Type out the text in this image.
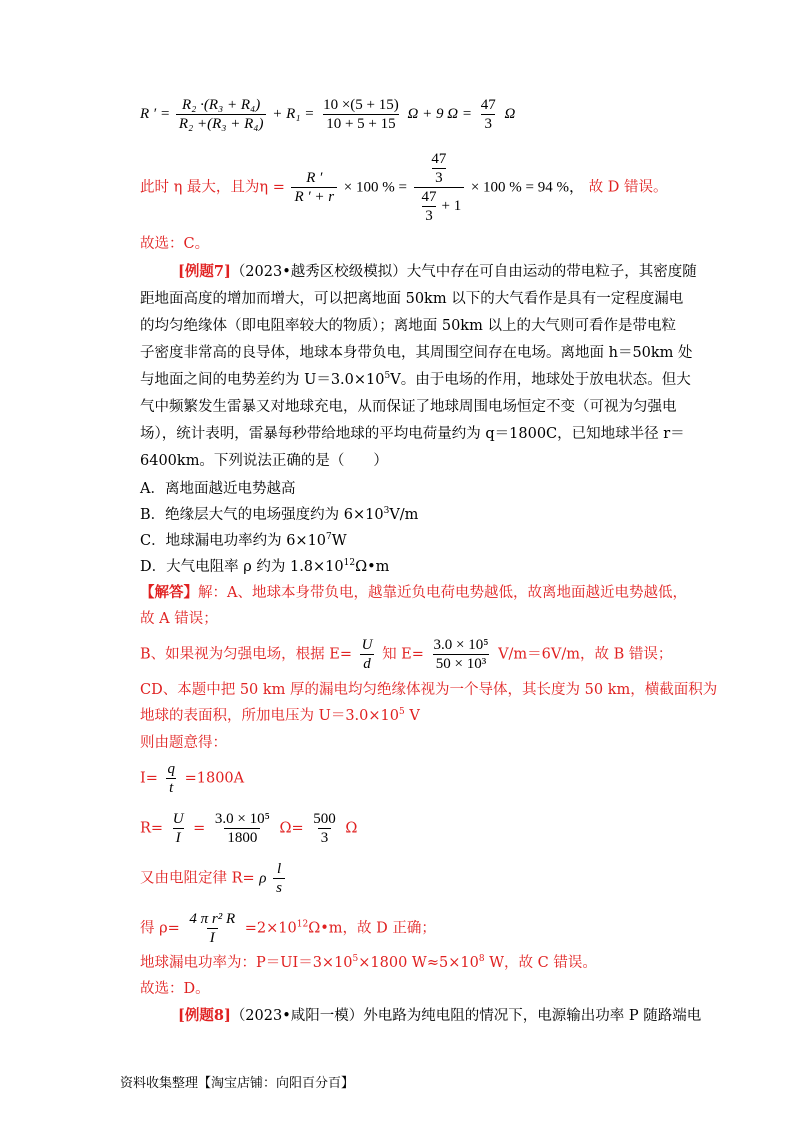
R ′ = $\frac{\text{R₂ ·(R₃ + R₄)}}{\text{R₂ +(R₃ + R₄)}} + R_1 = \frac{10 \times(5 + 15)}{10 + 5 + 15}$ Ω + 9 $\Omega = \frac{47}{3}$ Ω
此时 η 最大，且为$\eta = \frac{R '}{R ' + r} \times 100$ % = $\frac{\frac{47}{3}}{\frac{47}{3} + 1} \times 100$ % = 94 %， 故 D 错误。
故选：C。
[例题7]（2023•越秀区校级模拟）大气中存在可自由运动的带电粒子，其密度随
距地面高度的增加而增大，可以把离地面 50km 以下的大气看作是具有一定程度漏电
的均匀绝缘体（即电阻率较大的物质）；离地面 50km 以上的大气则可看作是带电粒
子密度非常高的良导体，地球本身带负电，其周围空间存在电场。离地面 h＝50km 处
与地面之间的电势差约为 $U=3.0\times 10^5V$。由于电场的作用，地球处于放电状态。但大
气中频繁发生雷暴又对地球充电，从而保证了地球周围电场恒定不变（可视为匀强电
场），统计表明，雷暴每秒带给地球的平均电荷量约为 q＝1800C，已知地球半径 r＝
6400km。下列说法正确的是（　　）
A．离地面越近电势越高
B．绝缘层大气的电场强度约为 $6\times 10^3V/m$
C．地球漏电功率约为 $6\times 10^7W$
D．大气电阻率 ρ 约为 $1.8\times 10^{12}\Omega•m$
【解答】解：A、地球本身带负电，越靠近负电荷电势越低，故离地面越近电势越低，
故 A 错误；
B、如果视为匀强电场，根据 $E= \frac{U}{d}$ 知 $E= \frac{\text{3.0 × 10⁵}}{\text{50 × 10³}} V/m=6V/m$，故 B 错误；
CD、本题中把 50 km 厚的漏电均匀绝缘体视为一个导体，其长度为 50 km，横截面积为
地球的表面积，所加电压为 $U=3.0\times 10^5$ V
则由题意得：
$I= \frac{q}{t} =1800A$
$R= \frac{U}{I} = \frac{\text{3.0 × 10⁵}}{1800} \Omega= \frac{500}{3}$ Ω
又由电阻定律 R= ρ $\frac{l}{s}$
得 $\rho= \frac{\text{4 π r² R}}{I}$ $=2\times 10^{12}\Omega•m$，故 D 正确；
地球漏电功率为：$P=UI=3\times 10^5\times 1800$ $W\approx 5\times 10^8$ W，故 C 错误。
故选：D。
[例题8]（2023•咸阳一模）外电路为纯电阻的情况下，电源输出功率 P 随路端电
资料收集整理【淘宝店铺：向阳百分百】
